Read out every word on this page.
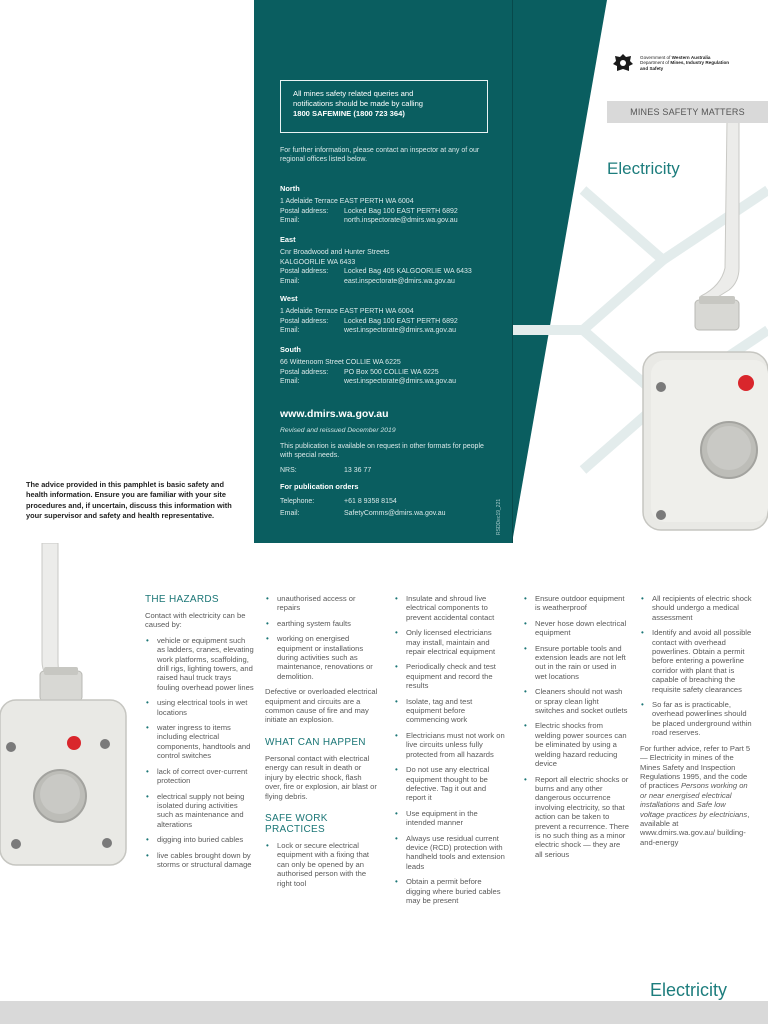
The advice provided in this pamphlet is basic safety and health information. Ensure you are familiar with your site procedures and, if uncertain, discuss this information with your supervisor and safety and health representative.

All mines safety related queries and
notifications should be made by calling
1800 SAFEMINE (1800 723 364)
For further information, please contact an inspector at any of our regional offices listed below.
North
1 Adelaide Terrace EAST PERTH WA 6004
Postal address:	Locked Bag 100 EAST PERTH 6892
Email:	north.inspectorate@dmirs.wa.gov.au
East
Cnr Broadwood and Hunter Streets
KALGOORLIE WA 6433
Postal address:	Locked Bag 405 KALGOORLIE WA 6433
Email:	east.inspectorate@dmirs.wa.gov.au
West
1 Adelaide Terrace EAST PERTH WA 6004
Postal address:	Locked Bag 100 EAST PERTH 6892
Email:	west.inspectorate@dmirs.wa.gov.au
South
66 Wittenoom Street COLLIE WA 6225
Postal address:	PO Box 500 COLLIE WA 6225
Email:	west.inspectorate@dmirs.wa.gov.au
www.dmirs.wa.gov.au
Revised and reissued December 2019
This publication is available on request in other formats for people with special needs.
NRS:	13 36 77
For publication orders
Telephone:	+61 8 9358 8154
Email:	SafetyComms@dmirs.wa.gov.au	RSDDec19_221
Government of Western Australia
Department of Mines, Industry Regulation
and Safety
MINES SAFETY MATTERS
Electricity
THE HAZARDS

Contact with electricity can be caused by:

• vehicle or equipment such as ladders, cranes, elevating work platforms, scaffolding, drill rigs, lighting towers, and raised haul truck trays fouling overhead power lines
• using electrical tools in wet locations
• water ingress to items including electrical components, handtools and control switches
• lack of correct over-current protection
• electrical supply not being isolated during activities such as maintenance and alterations
• digging into buried cables
• live cables brought down by storms or structural damage
• unauthorised access or repairs
• earthing system faults
• working on energised equipment or installations during activities such as maintenance, renovations or demolition.

Defective or overloaded electrical equipment and circuits are a common cause of fire and may initiate an explosion.

WHAT CAN HAPPEN

Personal contact with electrical energy can result in death or injury by electric shock, flash over, fire or explosion, air blast or flying debris.

SAFE WORK
PRACTICES
• Lock or secure electrical equipment with a fixing that can only be opened by an authorised person with the right tool
• Insulate and shroud live electrical components to prevent accidental contact
• Only licensed electricians may install, maintain and repair electrical equipment
• Periodically check and test equipment and record the results
• Isolate, tag and test equipment before commencing work
• Electricians must not work on live circuits unless fully protected from all hazards
• Do not use any electrical equipment thought to be defective. Tag it out and report it
• Use equipment in the intended manner
• Always use residual current device (RCD) protection with handheld tools and extension leads
• Obtain a permit before digging where buried cables may be present
• Ensure outdoor equipment is weatherproof
• Never hose down electrical equipment
• Ensure portable tools and extension leads are not left out in the rain or used in wet locations
• Cleaners should not wash or spray clean light switches and socket outlets
• Electric shocks from welding power sources can be eliminated by using a welding hazard reducing device
• Report all electric shocks or burns and any other dangerous occurrence involving electricity, so that action can be taken to prevent a recurrence. There is no such thing as a minor electric shock — they are all serious
• All recipients of electric shock should undergo a medical assessment
• Identify and avoid all possible contact with overhead powerlines. Obtain a permit before entering a powerline corridor with plant that is capable of breaching the requisite safety clearances
• So far as is practicable, overhead powerlines should be placed underground within road reserves.

For further advice, refer to Part 5 — Electricity in mines of the Mines Safety and Inspection Regulations 1995, and the code of practices Persons working on or near energised electrical installations and Safe low voltage practices by electricians, available at www.dmirs.wa.gov.au/ building-and-energy

Electricity
